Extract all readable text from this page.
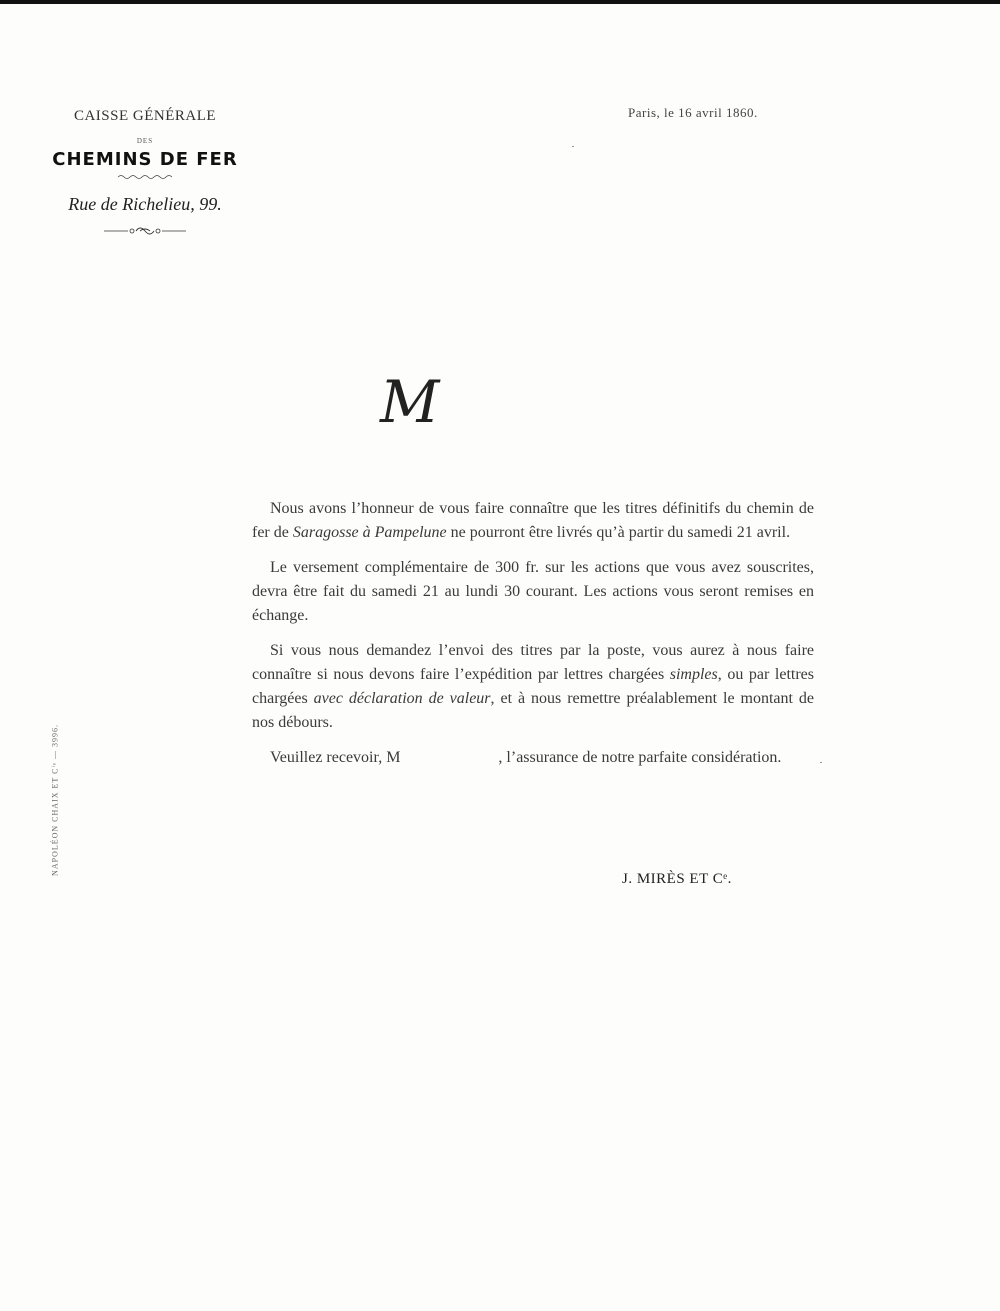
CAISSE GÉNÉRALE
DES
CHEMINS DE FER
Rue de Richelieu, 99.
Paris, le 16 avril 1860.
M

Nous avons l’honneur de vous faire connaître que les titres définitifs du chemin de fer de Saragosse à Pampelune ne pourront être livrés qu’à partir du samedi 21 avril.

Le versement complémentaire de 300 fr. sur les actions que vous avez souscrites, devra être fait du samedi 21 au lundi 30 courant. Les actions vous seront remises en échange.

Si vous nous demandez l’envoi des titres par la poste, vous aurez à nous faire connaître si nous devons faire l’expédition par lettres chargées simples, ou par lettres chargées avec déclaration de valeur, et à nous remettre préalablement le montant de nos débours.

Veuillez recevoir, M	, l’assurance de notre parfaite considération.

J. MIRÈS ET Cᵉ.
NAPOLÉON CHAIX ET Cⁱᵉ — 3996.
